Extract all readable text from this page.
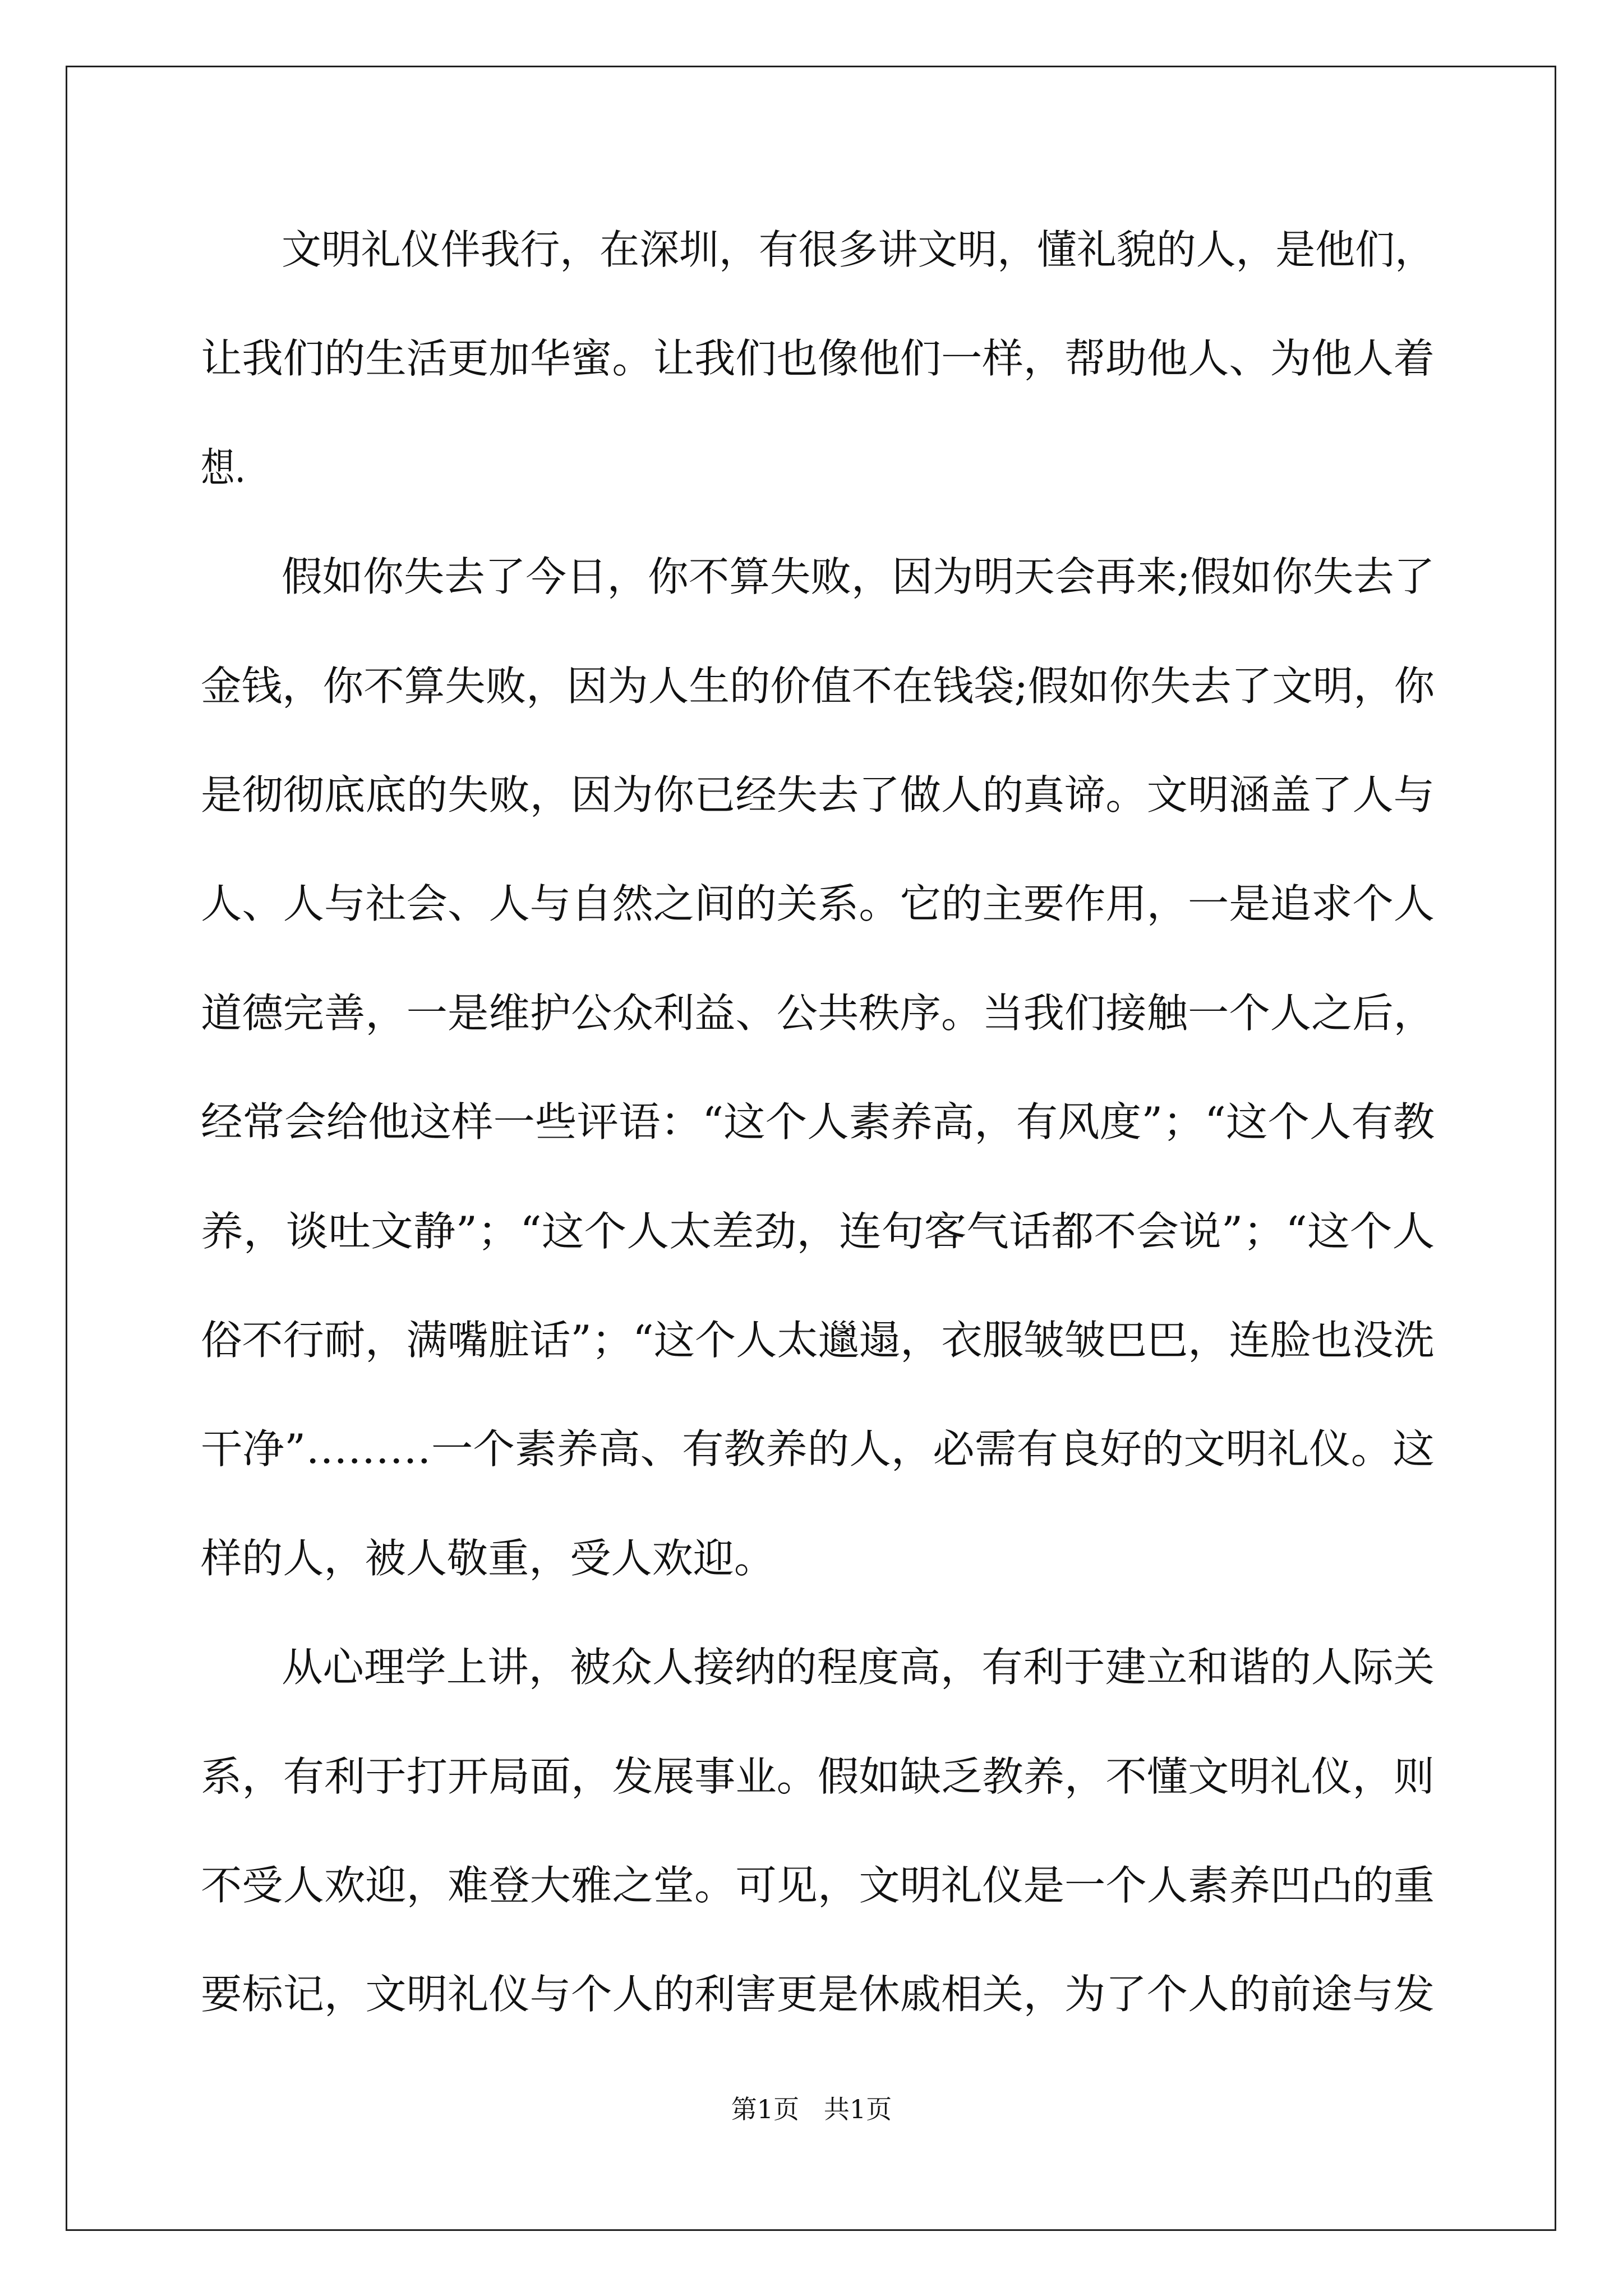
文明礼仪伴我行，在深圳，有很多讲文明，懂礼貌的人，是他们，
让我们的生活更加华蜜。让我们也像他们一样，帮助他人、为他人着
想.
假如你失去了今日，你不算失败，因为明天会再来;假如你失去了
金钱，你不算失败，因为人生的价值不在钱袋;假如你失去了文明，你
是彻彻底底的失败，因为你已经失去了做人的真谛。文明涵盖了人与
人、人与社会、人与自然之间的关系。它的主要作用，一是追求个人
道德完善，一是维护公众利益、公共秩序。当我们接触一个人之后，
经常会给他这样一些评语：“这个人素养高，有风度”；“这个人有教
养，谈吐文静”；“这个人太差劲，连句客气话都不会说”；“这个人
俗不行耐，满嘴脏话”；“这个人太邋遢，衣服皱皱巴巴，连脸也没洗
干净”………一个素养高、有教养的人，必需有良好的文明礼仪。这
样的人，被人敬重，受人欢迎。
从心理学上讲，被众人接纳的程度高，有利于建立和谐的人际关
系，有利于打开局面，发展事业。假如缺乏教养，不懂文明礼仪，则
不受人欢迎，难登大雅之堂。可见，文明礼仪是一个人素养凹凸的重
要标记，文明礼仪与个人的利害更是休戚相关，为了个人的前途与发
第1页   共1页
